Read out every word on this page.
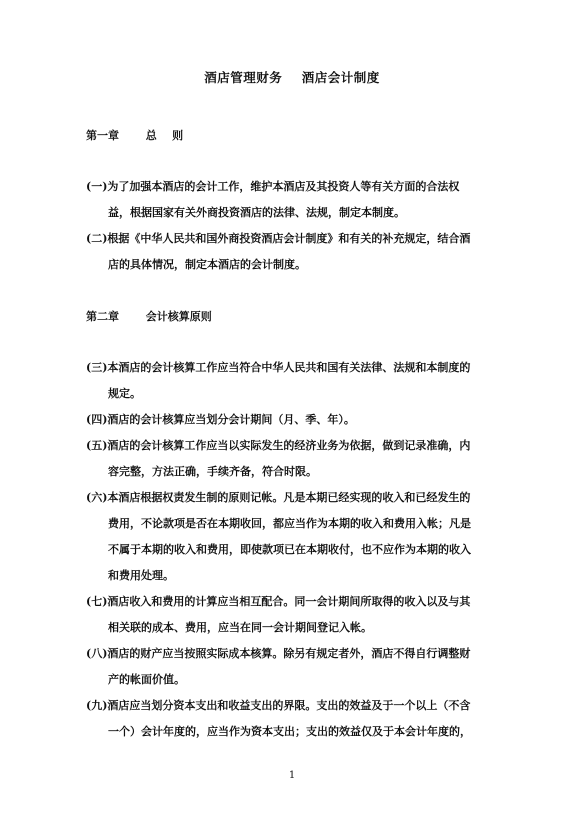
酒店管理财务    酒店会计制度
第一章       总    则
(一)为了加强本酒店的会计工作，维护本酒店及其投资人等有关方面的合法权
益，根据国家有关外商投资酒店的法律、法规，制定本制度。
(二)根据《中华人民共和国外商投资酒店会计制度》和有关的补充规定，结合酒
店的具体情况，制定本酒店的会计制度。
第二章       会计核算原则
(三)本酒店的会计核算工作应当符合中华人民共和国有关法律、法规和本制度的
规定。
(四)酒店的会计核算应当划分会计期间（月、季、年）。
(五)酒店的会计核算工作应当以实际发生的经济业务为依据，做到记录准确，内
容完整，方法正确，手续齐备，符合时限。
(六)本酒店根据权责发生制的原则记帐。凡是本期已经实现的收入和已经发生的
费用，不论款项是否在本期收回，都应当作为本期的收入和费用入帐；凡是
不属于本期的收入和费用，即使款项已在本期收付，也不应作为本期的收入
和费用处理。
(七)酒店收入和费用的计算应当相互配合。同一会计期间所取得的收入以及与其
相关联的成本、费用，应当在同一会计期间登记入帐。
(八)酒店的财产应当按照实际成本核算。除另有规定者外，酒店不得自行调整财
产的帐面价值。
(九)酒店应当划分资本支出和收益支出的界限。支出的效益及于一个以上（不含
一个）会计年度的，应当作为资本支出；支出的效益仅及于本会计年度的，
1
